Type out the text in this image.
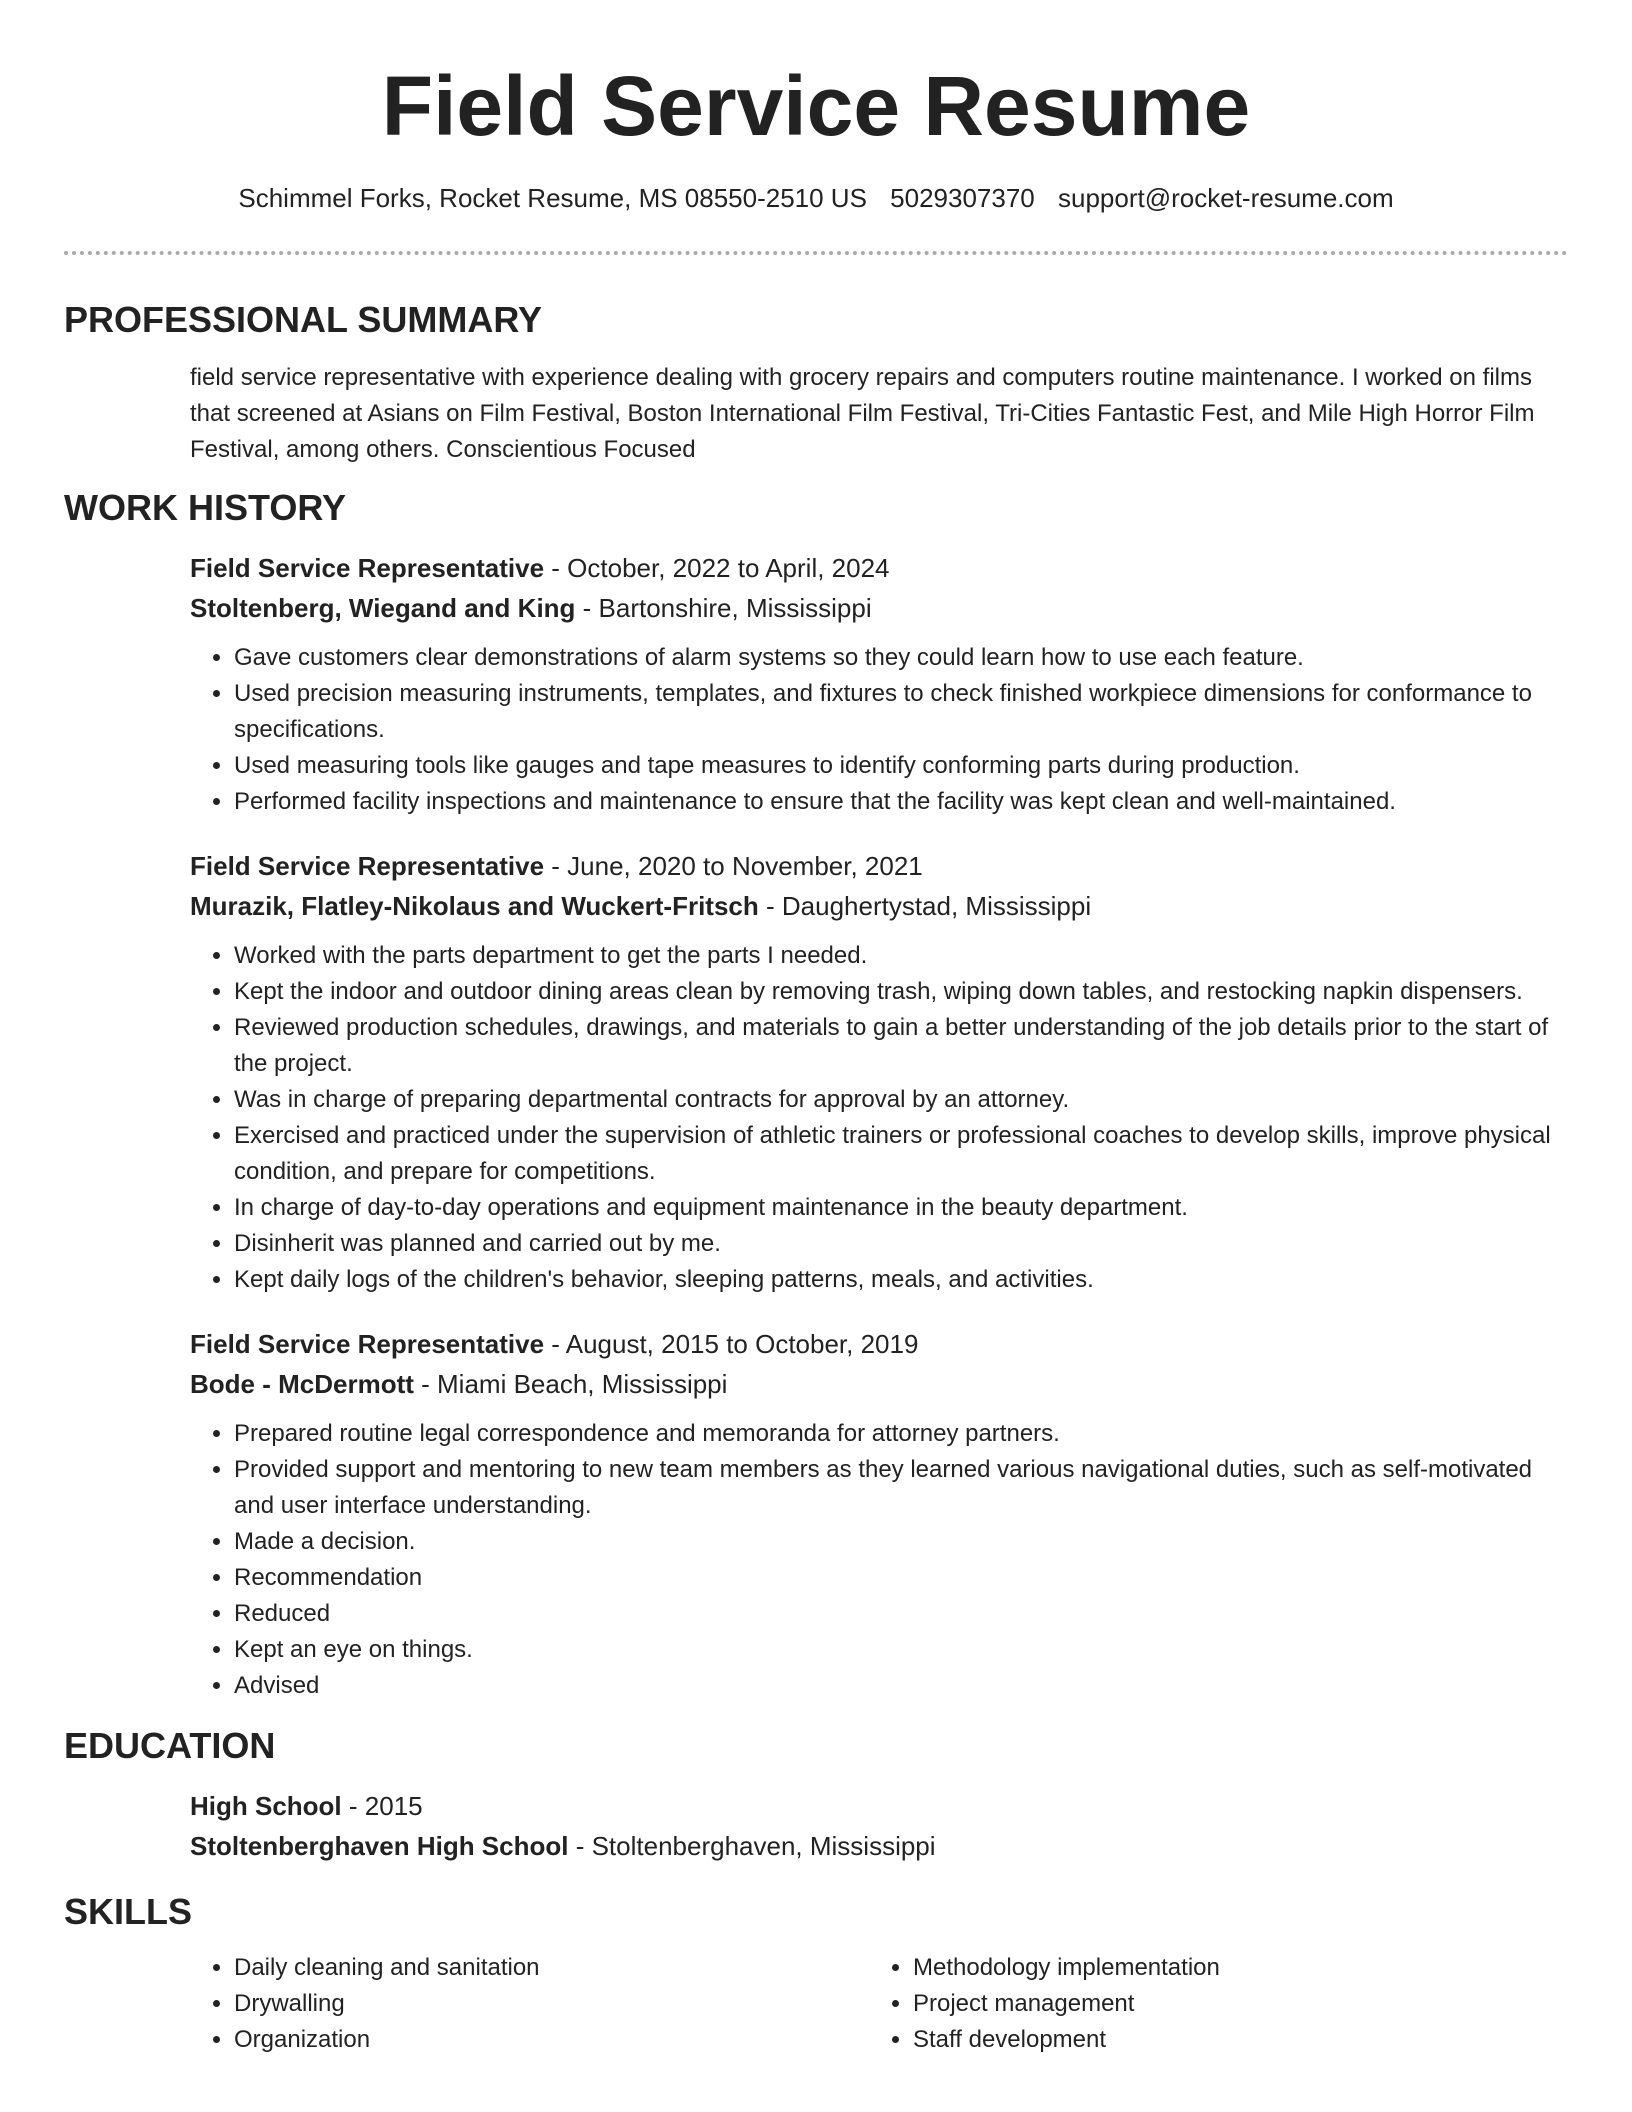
Field Service Resume
Schimmel Forks, Rocket Resume, MS 08550-2510 US 5029307370 support@rocket-resume.com
PROFESSIONAL SUMMARY
field service representative with experience dealing with grocery repairs and computers routine maintenance. I worked on films that screened at Asians on Film Festival, Boston International Film Festival, Tri-Cities Fantastic Fest, and Mile High Horror Film Festival, among others. Conscientious Focused
WORK HISTORY
Field Service Representative - October, 2022 to April, 2024
Stoltenberg, Wiegand and King - Bartonshire, Mississippi
• Gave customers clear demonstrations of alarm systems so they could learn how to use each feature.
• Used precision measuring instruments, templates, and fixtures to check finished workpiece dimensions for conformance to specifications.
• Used measuring tools like gauges and tape measures to identify conforming parts during production.
• Performed facility inspections and maintenance to ensure that the facility was kept clean and well-maintained.
Field Service Representative - June, 2020 to November, 2021
Murazik, Flatley-Nikolaus and Wuckert-Fritsch - Daughertystad, Mississippi
• Worked with the parts department to get the parts I needed.
• Kept the indoor and outdoor dining areas clean by removing trash, wiping down tables, and restocking napkin dispensers.
• Reviewed production schedules, drawings, and materials to gain a better understanding of the job details prior to the start of the project.
• Was in charge of preparing departmental contracts for approval by an attorney.
• Exercised and practiced under the supervision of athletic trainers or professional coaches to develop skills, improve physical condition, and prepare for competitions.
• In charge of day-to-day operations and equipment maintenance in the beauty department.
• Disinherit was planned and carried out by me.
• Kept daily logs of the children's behavior, sleeping patterns, meals, and activities.
Field Service Representative - August, 2015 to October, 2019
Bode - McDermott - Miami Beach, Mississippi
• Prepared routine legal correspondence and memoranda for attorney partners.
• Provided support and mentoring to new team members as they learned various navigational duties, such as self-motivated and user interface understanding.
• Made a decision.
• Recommendation
• Reduced
• Kept an eye on things.
• Advised
EDUCATION
High School - 2015
Stoltenberghaven High School - Stoltenberghaven, Mississippi
SKILLS
• Daily cleaning and sanitation
• Drywalling
• Organization
• Methodology implementation
• Project management
• Staff development
